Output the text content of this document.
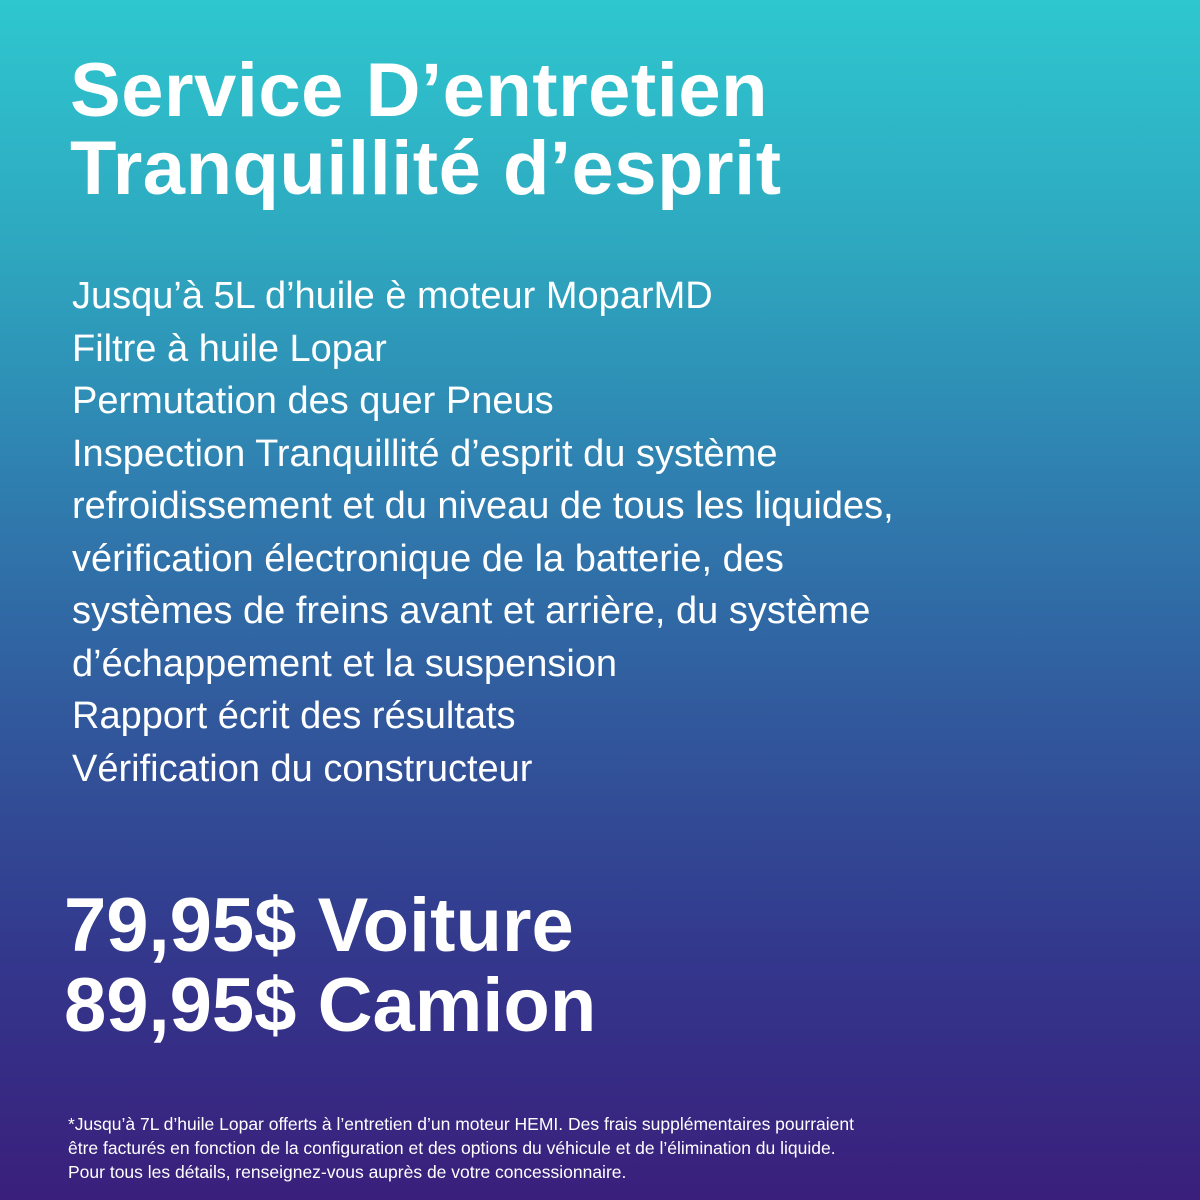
Service D’entretien
Tranquillité d’esprit
Jusqu’à 5L d’huile è moteur MoparMD
Filtre à huile Lopar
Permutation des quer Pneus
Inspection Tranquillité d’esprit du système
refroidissement et du niveau de tous les liquides,
vérification électronique de la batterie, des
systèmes de freins avant et arrière, du système
d’échappement et la suspension
Rapport écrit des résultats
Vérification du constructeur
79,95$ Voiture
89,95$ Camion

*Jusqu’à 7L d’huile Lopar offerts à l’entretien d’un moteur HEMI. Des frais supplémentaires pourraient
être facturés en fonction de la configuration et des options du véhicule et de l’élimination du liquide.
Pour tous les détails, renseignez-vous auprès de votre concessionnaire.
